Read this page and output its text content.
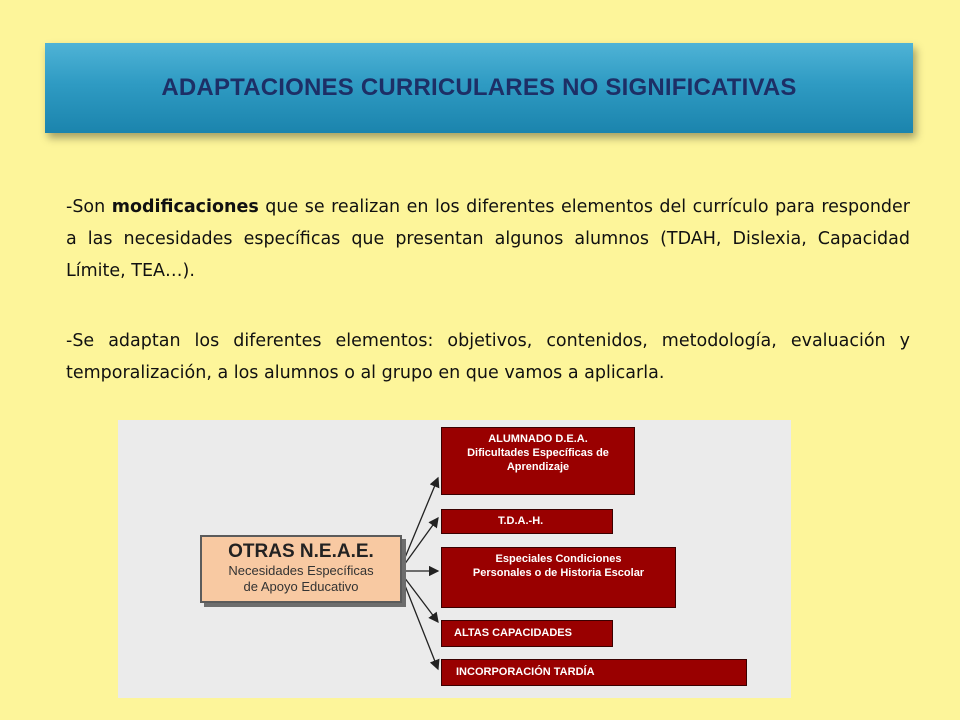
ADAPTACIONES CURRICULARES NO SIGNIFICATIVAS

-Son modificaciones que se realizan en los diferentes elementos del currículo para responder a las necesidades específicas que presentan algunos alumnos (TDAH, Dislexia, Capacidad Límite, TEA…).

-Se adaptan los diferentes elementos: objetivos, contenidos, metodología, evaluación y temporalización, a los alumnos o al grupo en que vamos a aplicarla.

OTRAS N.E.A.E.
Necesidades Específicas
de Apoyo Educativo
ALUMNADO D.E.A.
Dificultades Específicas de
Aprendizaje
T.D.A.-H.
Especiales Condiciones
Personales o de Historia Escolar
ALTAS CAPACIDADES
INCORPORACIÓN TARDÍA
